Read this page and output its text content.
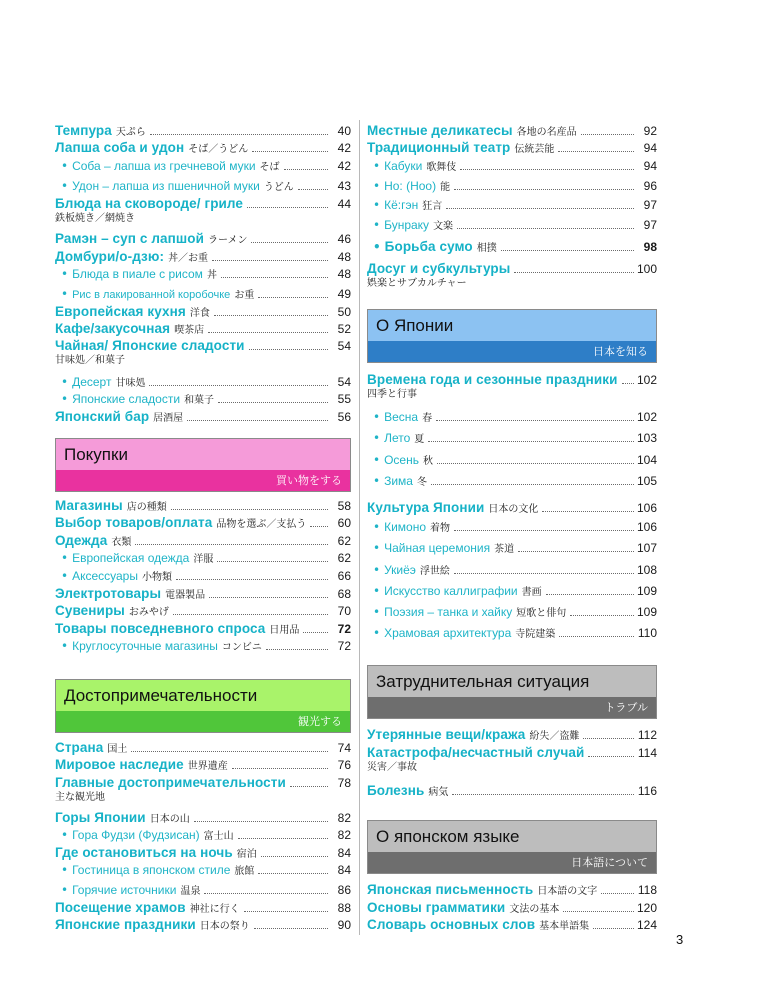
Темпура 天ぷら	40
Лапша соба и удон そば／うどん	42
• Соба – лапша из гречневой муки そば	42
• Удон – лапша из пшеничной муки うどん	43
Блюда на сковороде/ гриле	44
鉄板焼き／網焼き
Рамэн – суп с лапшой ラーメン	46
Домбури/о-дзю: 丼／お重	48
• Блюда в пиале с рисом 丼	48
• Рис в лакированной коробочке お重	49
Европейская кухня 洋食	50
Кафе/закусочная 喫茶店	52
Чайная/ Японские сладости	54
甘味処／和菓子
• Десерт 甘味処	54
• Японские сладости 和菓子	55
Японский бар 居酒屋	56
Покупки
買い物をする
Магазины 店の種類	58
Выбор товаров/оплата 品物を選ぶ／支払う	60
Одежда 衣類	62
• Европейская одежда 洋服	62
• Аксессуары 小物類	66
Электротовары 電器製品	68
Сувениры おみやげ	70
Товары повседневного спроса 日用品	72
• Круглосуточные магазины コンビニ	72
Достопримечательности
観光する
Страна 国土	74
Мировое наследие 世界遺産	76
Главные достопримечательности	78
主な観光地
Горы Японии 日本の山	82
• Гора Фудзи (Фудзисан) 富士山	82
Где остановиться на ночь 宿泊	84
• Гостиница в японском стиле 旅館	84
• Горячие источники 温泉	86
Посещение храмов 神社に行く	88
Японские праздники 日本の祭り	90
Местные деликатесы 各地の名産品	92
Традиционный театр 伝統芸能	94
• Кабуки 歌舞伎	94
• Но: (Ноо) 能	96
• Кё:гэн 狂言	97
• Бунраку 文楽	97
• Борьба сумо 相撲	98
Досуг и субкультуры	100
娯楽とサブカルチャー
О Японии
日本を知る
Времена года и сезонные праздники 102
四季と行事
• Весна 春	102
• Лето 夏	103
• Осень 秋	104
• Зима 冬	105
Культура Японии 日本の文化	106
• Кимоно 着物	106
• Чайная церемония 茶道	107
• Укиёэ 浮世絵	108
• Искусство каллиграфии 書画	109
• Поэзия – танка и хайку 短歌と俳句	109
• Храмовая архитектура 寺院建築	110
Затруднительная ситуация
トラブル
Утерянные вещи/кража 紛失／盗難	112
Катастрофа/несчастный случай	114
災害／事故
Болезнь 病気	116
О японском языке
日本語について
Японская письменность 日本語の文字	118
Основы грамматики 文法の基本	120
Словарь основных слов 基本単語集	124
3
